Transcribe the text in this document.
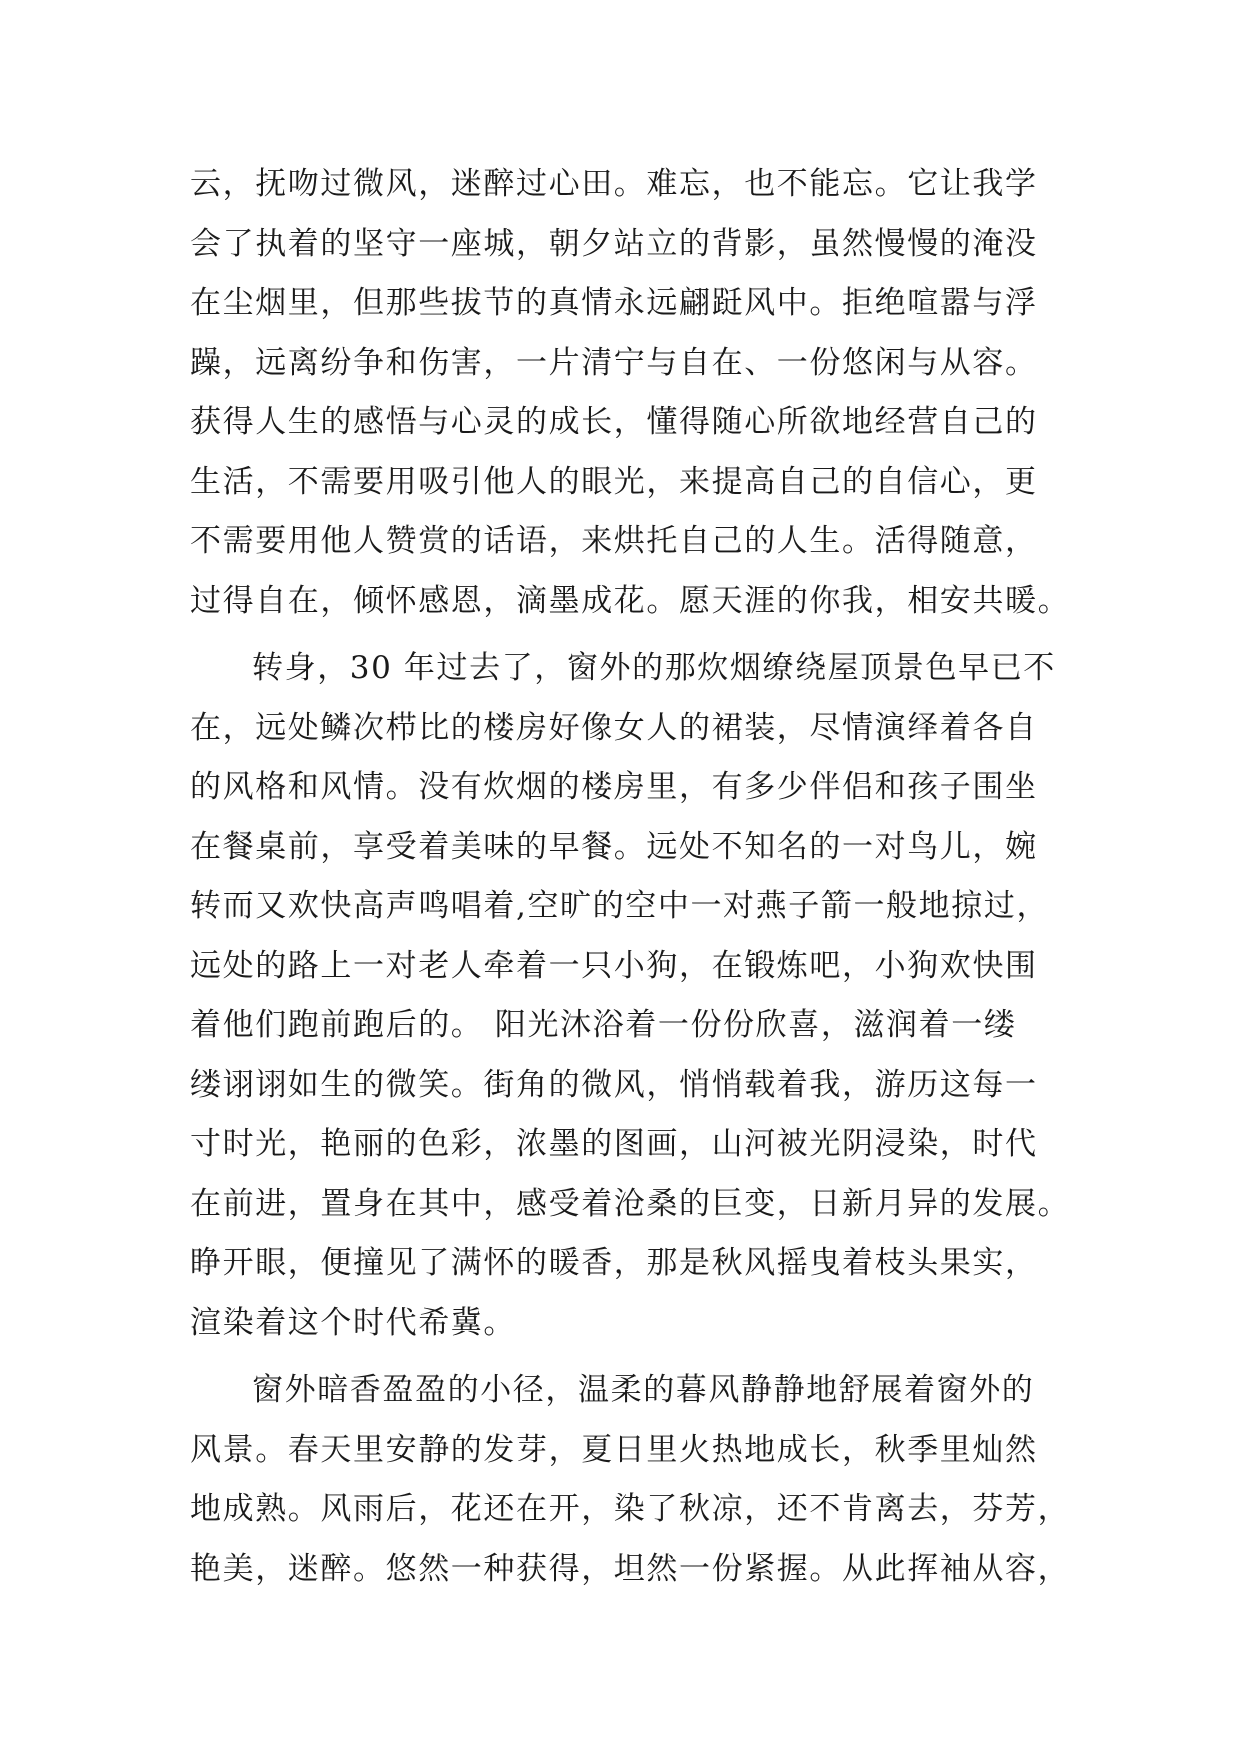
云，抚吻过微风，迷醉过心田。难忘，也不能忘。它让我学
会了执着的坚守一座城，朝夕站立的背影，虽然慢慢的淹没
在尘烟里，但那些拔节的真情永远翩跹风中。拒绝喧嚣与浮
躁，远离纷争和伤害，一片清宁与自在、一份悠闲与从容。
获得人生的感悟与心灵的成长，懂得随心所欲地经营自己的
生活，不需要用吸引他人的眼光，来提高自己的自信心，更
不需要用他人赞赏的话语，来烘托自己的人生。活得随意，
过得自在，倾怀感恩，滴墨成花。愿天涯的你我，相安共暖。
转身，30 年过去了，窗外的那炊烟缭绕屋顶景色早已不
在，远处鳞次栉比的楼房好像女人的裙装，尽情演绎着各自
的风格和风情。没有炊烟的楼房里，有多少伴侣和孩子围坐
在餐桌前，享受着美味的早餐。远处不知名的一对鸟儿，婉
转而又欢快高声鸣唱着,空旷的空中一对燕子箭一般地掠过，
远处的路上一对老人牵着一只小狗，在锻炼吧，小狗欢快围
着他们跑前跑后的。 阳光沐浴着一份份欣喜，滋润着一缕
缕诩诩如生的微笑。街角的微风，悄悄载着我，游历这每一
寸时光，艳丽的色彩，浓墨的图画，山河被光阴浸染，时代
在前进，置身在其中，感受着沧桑的巨变，日新月异的发展。
睁开眼，便撞见了满怀的暖香，那是秋风摇曳着枝头果实，
渲染着这个时代希冀。
窗外暗香盈盈的小径，温柔的暮风静静地舒展着窗外的
风景。春天里安静的发芽，夏日里火热地成长，秋季里灿然
地成熟。风雨后，花还在开，染了秋凉，还不肯离去，芬芳，
艳美，迷醉。悠然一种获得，坦然一份紧握。从此挥袖从容，
